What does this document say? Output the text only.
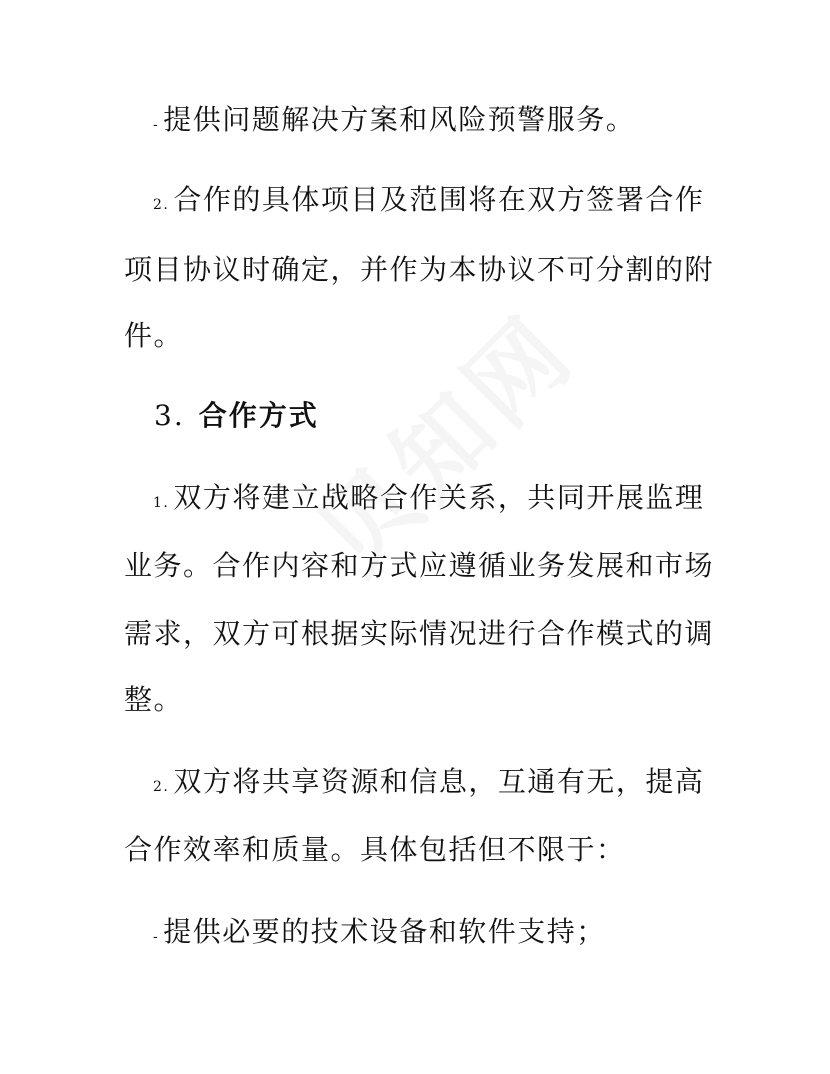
- 提供问题解决方案和风险预警服务。

2. 合作的具体项目及范围将在双方签署合作

项目协议时确定，并作为本协议不可分割的附

件。

3. 合作方式

1. 双方将建立战略合作关系，共同开展监理

业务。合作内容和方式应遵循业务发展和市场

需求，双方可根据实际情况进行合作模式的调

整。

2. 双方将共享资源和信息，互通有无，提高

合作效率和质量。具体包括但不限于：

- 提供必要的技术设备和软件支持；
